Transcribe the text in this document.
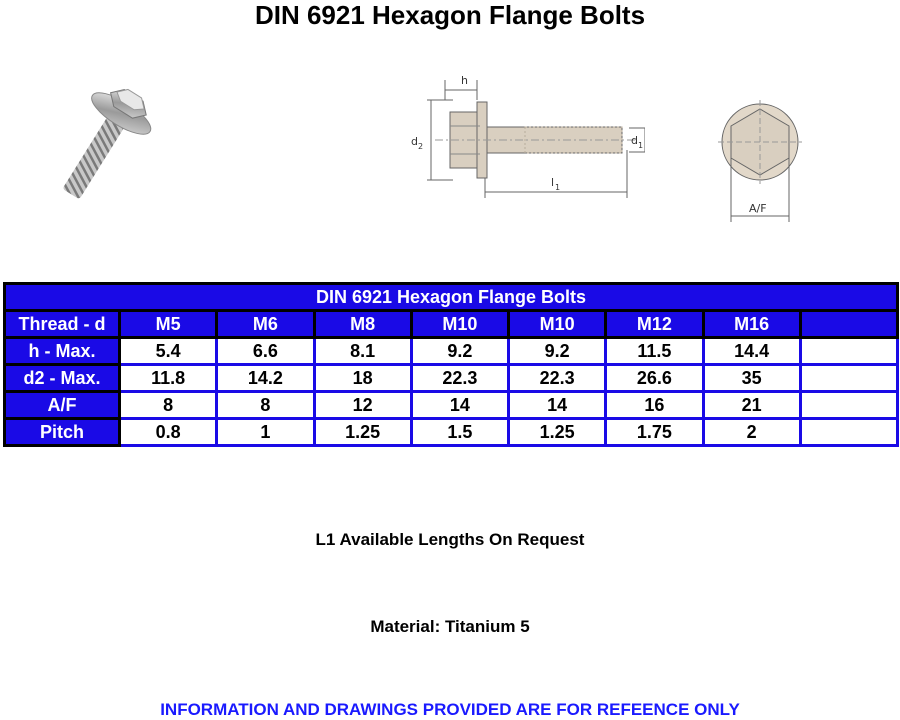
DIN 6921 Hexagon Flange Bolts
h
d 2	d 1
l 1
A/F
DIN 6921 Hexagon Flange Bolts								
Thread - d	M5	M6	M8	M10	M10	M12	M16	
h - Max.	5.4	6.6	8.1	9.2	9.2	11.5	14.4	
d2 - Max.	11.8	14.2	18	22.3	22.3	26.6	35	
A/F	8	8	12	14	14	16	21	
Pitch	0.8	1	1.25	1.5	1.25	1.75	2	
L1 Available Lengths On Request
Material: Titanium 5
INFORMATION AND DRAWINGS PROVIDED ARE FOR REFEENCE ONLY
